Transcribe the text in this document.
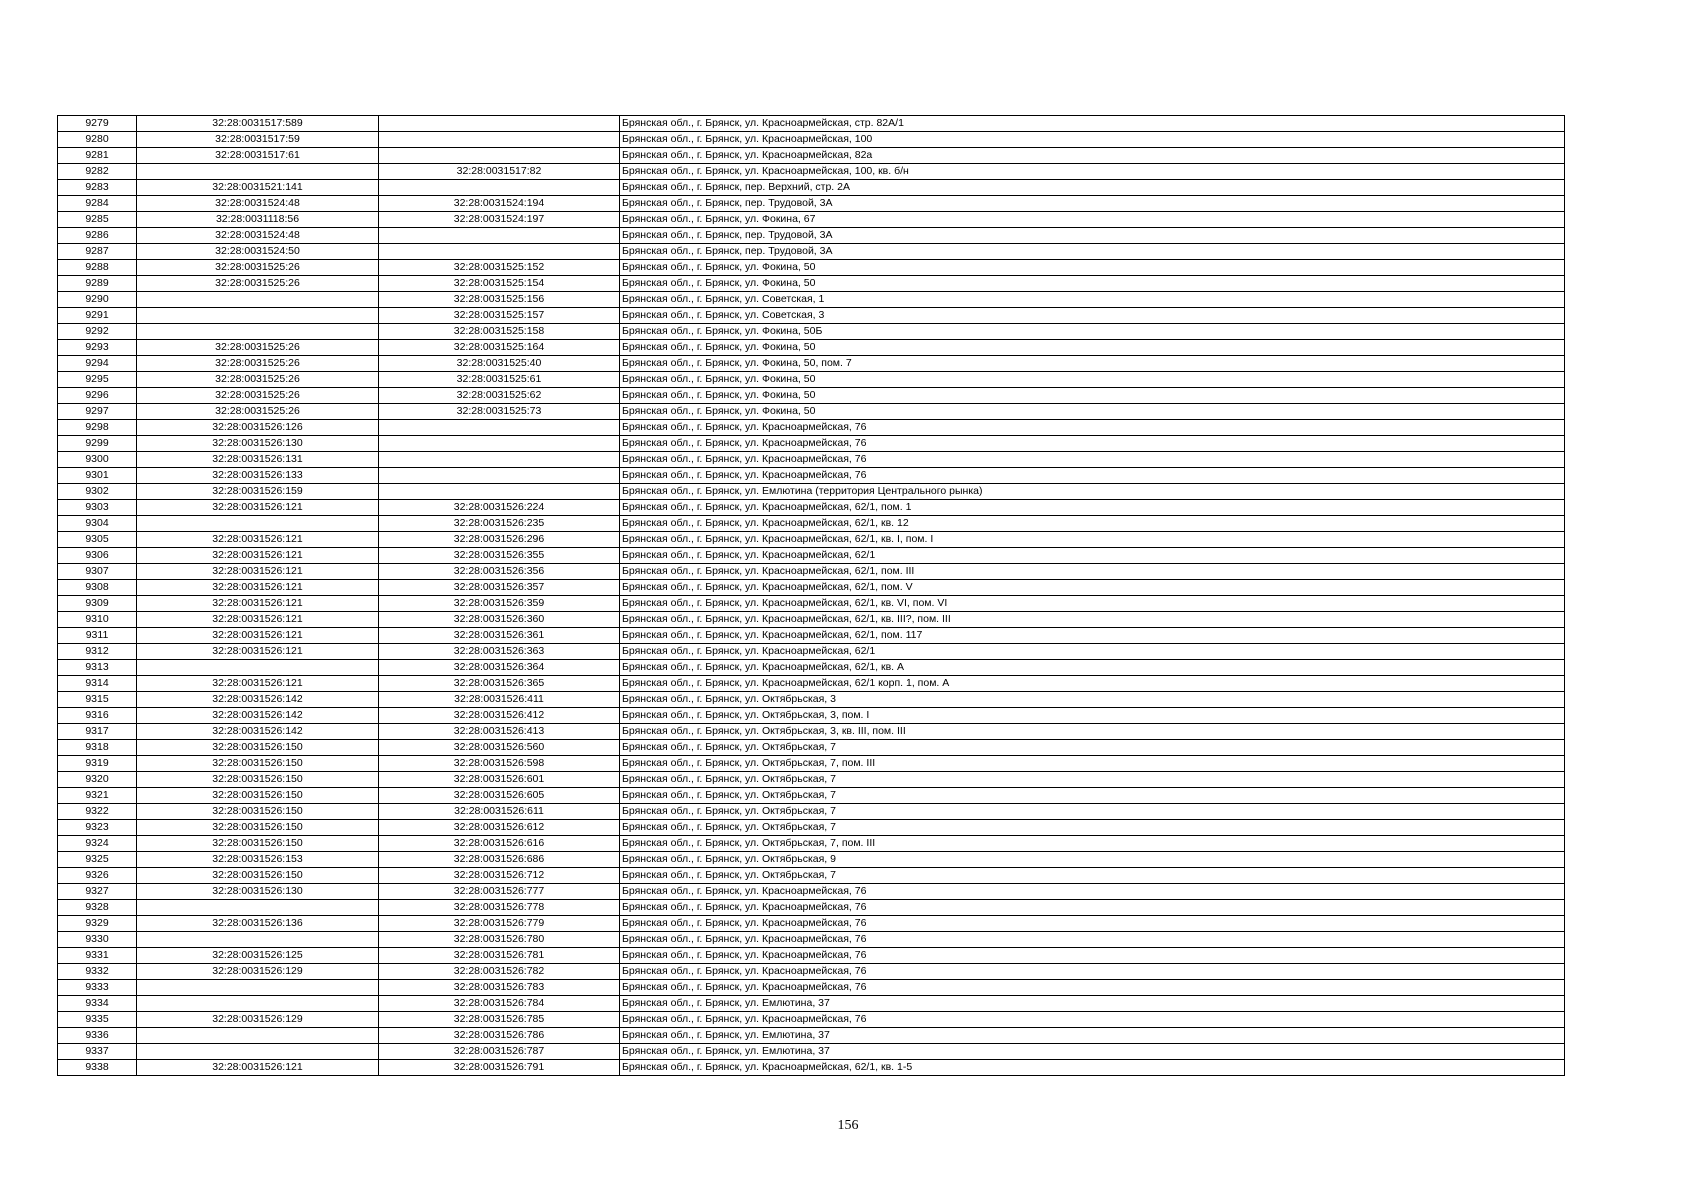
9279	32:28:0031517:589		Брянская обл., г. Брянск, ул. Красноармейская, стр. 82А/1
9280	32:28:0031517:59		Брянская обл., г. Брянск, ул. Красноармейская, 100
9281	32:28:0031517:61		Брянская обл., г. Брянск, ул. Красноармейская, 82а
9282		32:28:0031517:82	Брянская обл., г. Брянск, ул. Красноармейская, 100, кв. б/н
9283	32:28:0031521:141		Брянская обл., г. Брянск, пер. Верхний, стр. 2А
9284	32:28:0031524:48	32:28:0031524:194	Брянская обл., г. Брянск, пер. Трудовой, 3А
9285	32:28:0031118:56	32:28:0031524:197	Брянская обл., г. Брянск, ул. Фокина, 67
9286	32:28:0031524:48		Брянская обл., г. Брянск, пер. Трудовой, 3А
9287	32:28:0031524:50		Брянская обл., г. Брянск, пер. Трудовой, 3А
9288	32:28:0031525:26	32:28:0031525:152	Брянская обл., г. Брянск, ул. Фокина, 50
9289	32:28:0031525:26	32:28:0031525:154	Брянская обл., г. Брянск, ул. Фокина, 50
9290		32:28:0031525:156	Брянская обл., г. Брянск, ул. Советская, 1
9291		32:28:0031525:157	Брянская обл., г. Брянск, ул. Советская, 3
9292		32:28:0031525:158	Брянская обл., г. Брянск, ул. Фокина, 50Б
9293	32:28:0031525:26	32:28:0031525:164	Брянская обл., г. Брянск, ул. Фокина, 50
9294	32:28:0031525:26	32:28:0031525:40	Брянская обл., г. Брянск, ул. Фокина, 50, пом. 7
9295	32:28:0031525:26	32:28:0031525:61	Брянская обл., г. Брянск, ул. Фокина, 50
9296	32:28:0031525:26	32:28:0031525:62	Брянская обл., г. Брянск, ул. Фокина, 50
9297	32:28:0031525:26	32:28:0031525:73	Брянская обл., г. Брянск, ул. Фокина, 50
9298	32:28:0031526:126		Брянская обл., г. Брянск, ул. Красноармейская, 76
9299	32:28:0031526:130		Брянская обл., г. Брянск, ул. Красноармейская, 76
9300	32:28:0031526:131		Брянская обл., г. Брянск, ул. Красноармейская, 76
9301	32:28:0031526:133		Брянская обл., г. Брянск, ул. Красноармейская, 76
9302	32:28:0031526:159		Брянская обл., г. Брянск, ул. Емлютина (территория Центрального рынка)
9303	32:28:0031526:121	32:28:0031526:224	Брянская обл., г. Брянск, ул. Красноармейская, 62/1, пом. 1
9304		32:28:0031526:235	Брянская обл., г. Брянск, ул. Красноармейская, 62/1, кв. 12
9305	32:28:0031526:121	32:28:0031526:296	Брянская обл., г. Брянск, ул. Красноармейская, 62/1, кв. I, пом. I
9306	32:28:0031526:121	32:28:0031526:355	Брянская обл., г. Брянск, ул. Красноармейская, 62/1
9307	32:28:0031526:121	32:28:0031526:356	Брянская обл., г. Брянск, ул. Красноармейская, 62/1, пом. III
9308	32:28:0031526:121	32:28:0031526:357	Брянская обл., г. Брянск, ул. Красноармейская, 62/1, пом. V
9309	32:28:0031526:121	32:28:0031526:359	Брянская обл., г. Брянск, ул. Красноармейская, 62/1, кв. VI, пом. VI
9310	32:28:0031526:121	32:28:0031526:360	Брянская обл., г. Брянск, ул. Красноармейская, 62/1, кв. III?, пом. III
9311	32:28:0031526:121	32:28:0031526:361	Брянская обл., г. Брянск, ул. Красноармейская, 62/1, пом. 117
9312	32:28:0031526:121	32:28:0031526:363	Брянская обл., г. Брянск, ул. Красноармейская, 62/1
9313		32:28:0031526:364	Брянская обл., г. Брянск, ул. Красноармейская, 62/1, кв. А
9314	32:28:0031526:121	32:28:0031526:365	Брянская обл., г. Брянск, ул. Красноармейская, 62/1 корп. 1, пом. А
9315	32:28:0031526:142	32:28:0031526:411	Брянская обл., г. Брянск, ул. Октябрьская, 3
9316	32:28:0031526:142	32:28:0031526:412	Брянская обл., г. Брянск, ул. Октябрьская, 3, пом. I
9317	32:28:0031526:142	32:28:0031526:413	Брянская обл., г. Брянск, ул. Октябрьская, 3, кв. III, пом. III
9318	32:28:0031526:150	32:28:0031526:560	Брянская обл., г. Брянск, ул. Октябрьская, 7
9319	32:28:0031526:150	32:28:0031526:598	Брянская обл., г. Брянск, ул. Октябрьская, 7, пом. III
9320	32:28:0031526:150	32:28:0031526:601	Брянская обл., г. Брянск, ул. Октябрьская, 7
9321	32:28:0031526:150	32:28:0031526:605	Брянская обл., г. Брянск, ул. Октябрьская, 7
9322	32:28:0031526:150	32:28:0031526:611	Брянская обл., г. Брянск, ул. Октябрьская, 7
9323	32:28:0031526:150	32:28:0031526:612	Брянская обл., г. Брянск, ул. Октябрьская, 7
9324	32:28:0031526:150	32:28:0031526:616	Брянская обл., г. Брянск, ул. Октябрьская, 7, пом. III
9325	32:28:0031526:153	32:28:0031526:686	Брянская обл., г. Брянск, ул. Октябрьская, 9
9326	32:28:0031526:150	32:28:0031526:712	Брянская обл., г. Брянск, ул. Октябрьская, 7
9327	32:28:0031526:130	32:28:0031526:777	Брянская обл., г. Брянск, ул. Красноармейская, 76
9328		32:28:0031526:778	Брянская обл., г. Брянск, ул. Красноармейская, 76
9329	32:28:0031526:136	32:28:0031526:779	Брянская обл., г. Брянск, ул. Красноармейская, 76
9330		32:28:0031526:780	Брянская обл., г. Брянск, ул. Красноармейская, 76
9331	32:28:0031526:125	32:28:0031526:781	Брянская обл., г. Брянск, ул. Красноармейская, 76
9332	32:28:0031526:129	32:28:0031526:782	Брянская обл., г. Брянск, ул. Красноармейская, 76
9333		32:28:0031526:783	Брянская обл., г. Брянск, ул. Красноармейская, 76
9334		32:28:0031526:784	Брянская обл., г. Брянск, ул. Емлютина, 37
9335	32:28:0031526:129	32:28:0031526:785	Брянская обл., г. Брянск, ул. Красноармейская, 76
9336		32:28:0031526:786	Брянская обл., г. Брянск, ул. Емлютина, 37
9337		32:28:0031526:787	Брянская обл., г. Брянск, ул. Емлютина, 37
9338	32:28:0031526:121	32:28:0031526:791	Брянская обл., г. Брянск, ул. Красноармейская, 62/1, кв. 1-5
156
